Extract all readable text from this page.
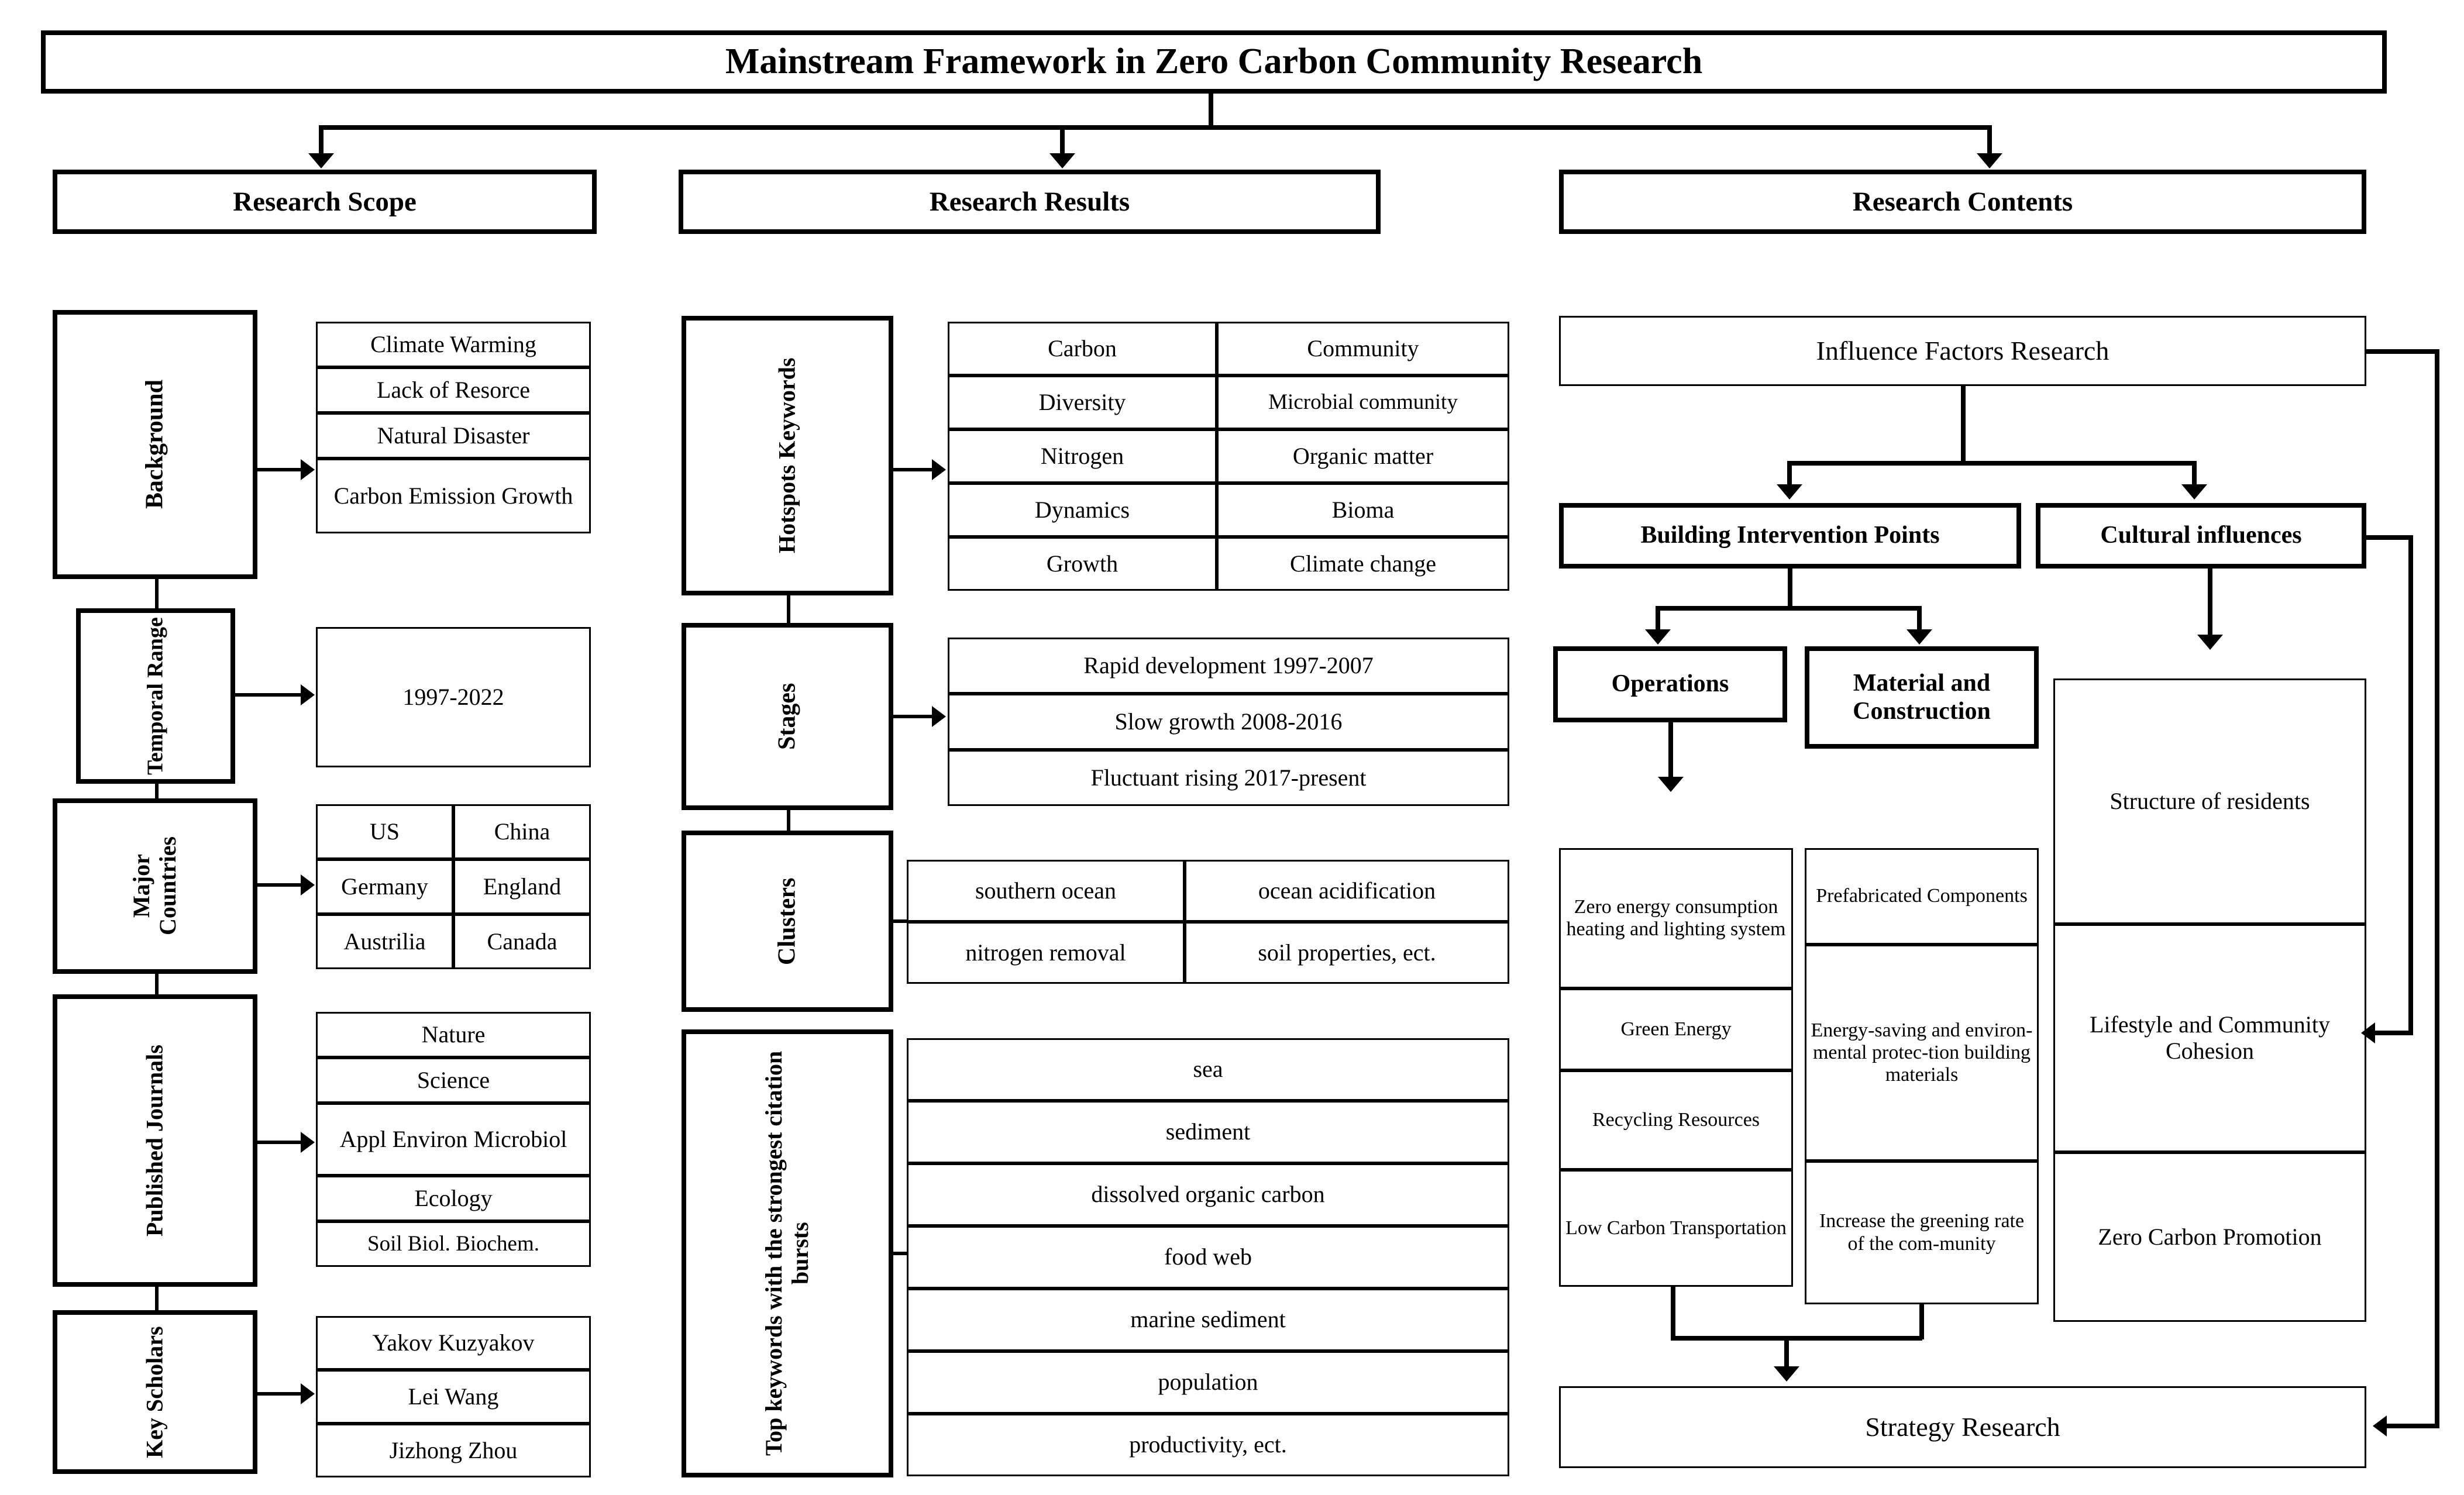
Mainstream Framework in Zero Carbon Community Research
Research Scope	Research Results	Research Contents
Background
Climate Warming
Lack of Resorce
Natural Disaster
Carbon Emission Growth
Temporal Range	1997-2022
Major Countries
US	China
Germany	England
Austrilia	Canada
Published Journals
Nature
Science
Appl Environ Microbiol
Ecology
Soil Biol. Biochem.
Key Scholars	Yakov Kuzyakov
Lei Wang
Jizhong Zhou
Hotspots Keywords
Carbon	Community
Diversity	Microbial community
Nitrogen	Organic matter
Dynamics	Bioma
Growth	Climate change
Stages
Rapid development 1997-2007
Slow growth 2008-2016
Fluctuant rising 2017-present
Clusters	southern ocean	ocean acidification
nitrogen removal	soil properties, ect.
Top keywords with the strongest citation bursts
sea
sediment
dissolved organic carbon
food web
marine sediment
population
productivity, ect.
Influence Factors Research
Building Intervention Points	Cultural influences
Operations	Material and Construction
Zero energy consumption heating and lighting system
Green Energy
Recycling Resources
Low Carbon Transportation
Prefabricated Components
Energy-saving and environ-mental protec-tion building materials
Increase the greening rate of the com-munity
Structure of residents
Lifestyle and Community Cohesion
Zero Carbon Promotion
Strategy Research
